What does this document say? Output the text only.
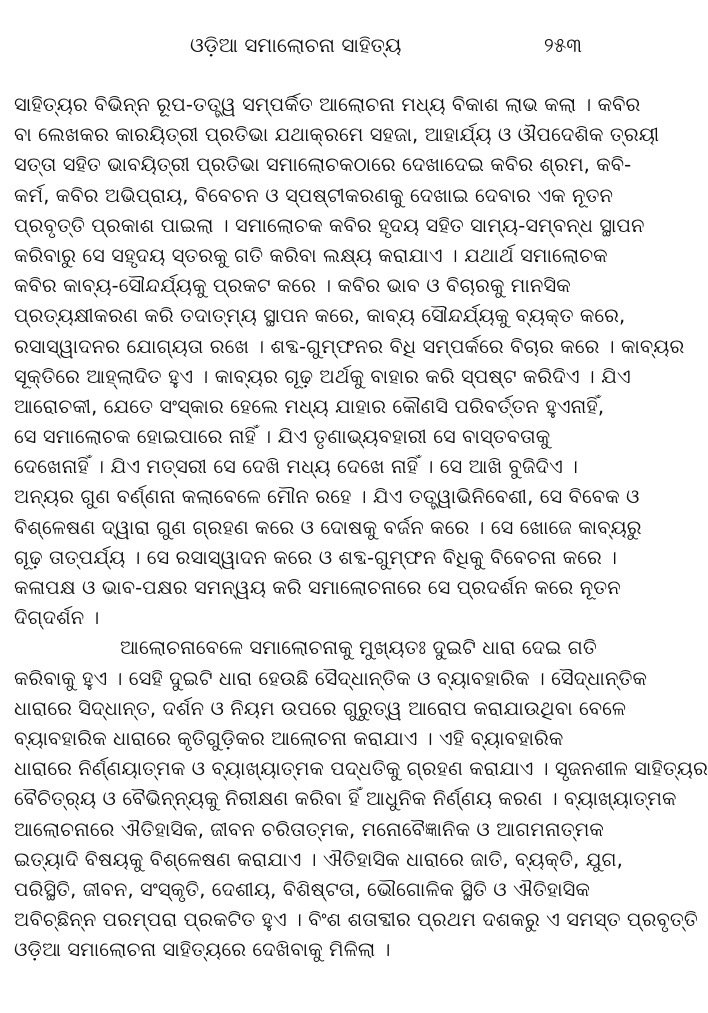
ଓଡ଼ିଆ ସମାଲୋଚନା ସାହିତ୍ୟ	୨୫୩
ସାହିତ୍ୟର ବିଭିନ୍ନ ରୂପ-ତତ୍ତ୍ୱ ସମ୍ପର୍କିତ ଆଲୋଚନା ମଧ୍ୟ ବିକାଶ ଲାଭ କଲା । କବିର
ବା ଲେଖକର କାରୟିତ୍ରୀ ପ୍ରତିଭା ଯଥାକ୍ରମେ ସହଜା, ଆହାର୍ଯ୍ୟ ଓ ଔପଦେଶିକ ତ୍ରୟୀ
ସତ୍ତା ସହିତ ଭାବୟିତ୍ରୀ ପ୍ରତିଭା ସମାଲୋଚକଠାରେ ଦେଖାଦେଇ କବିର ଶ୍ରମ, କବି-
କର୍ମ, କବିର ଅଭିପ୍ରାୟ, ବିବେଚନ ଓ ସ୍ପଷ୍ଟୀକରଣକୁ ଦେଖାଇ ଦେବାର ଏକ ନୂତନ
ପ୍ରବୃତ୍ତି ପ୍ରକାଶ ପାଇଲା । ସମାଲୋଚକ କବିର ହୃଦୟ ସହିତ ସାମ୍ୟ-ସମ୍ବନ୍ଧ ସ୍ଥାପନ
କରିବାରୁ ସେ ସହୃଦୟ ସ୍ତରକୁ ଗତି କରିବା ଲକ୍ଷ୍ୟ କରାଯାଏ । ଯଥାର୍ଥ ସମାଲୋଚକ
କବିର କାବ୍ୟ-ସୌନ୍ଦର୍ଯ୍ୟକୁ ପ୍ରକଟ କରେ । କବିର ଭାବ ଓ ବିଚାରକୁ ମାନସିକ
ପ୍ରତ୍ୟକ୍ଷୀକରଣ କରି ତଦାତ୍ମ୍ୟ ସ୍ଥାପନ କରେ, କାବ୍ୟ ସୌନ୍ଦର୍ଯ୍ୟକୁ ବ୍ୟକ୍ତ କରେ,
ରସାସ୍ୱାଦନର ଯୋଗ୍ୟତା ରଖେ । ଶବ୍ଦ-ଗୁମ୍ଫନର ବିଧି ସମ୍ପର୍କରେ ବିଚାର କରେ । କାବ୍ୟର
ସୂକ୍ତିରେ ଆହ୍ଲାଦିତ ହୁଏ । କାବ୍ୟର ଗୂଢ଼ ଅର୍ଥକୁ ବାହାର କରି ସ୍ପଷ୍ଟ କରିଦିଏ । ଯିଏ
ଆରୋଚକୀ, ଯେତେ ସଂସ୍କାର ହେଲେ ମଧ୍ୟ ଯାହାର କୌଣସି ପରିବର୍ତ୍ତନ ହୁଏନାହିଁ,
ସେ ସମାଲୋଚକ ହୋଇପାରେ ନାହିଁ । ଯିଏ ତୃଣାଭ୍ୟବହାରୀ ସେ ବାସ୍ତବତାକୁ
ଦେଖେନାହିଁ । ଯିଏ ମତ୍ସରୀ ସେ ଦେଖି ମଧ୍ୟ ଦେଖେ ନାହିଁ । ସେ ଆଖି ବୁଜିଦିଏ ।
ଅନ୍ୟର ଗୁଣ ବର୍ଣ୍ଣନା କଲାବେଳେ ମୌନ ରହେ । ଯିଏ ତତ୍ତ୍ୱାଭିନିବେଶୀ, ସେ ବିବେକ ଓ
ବିଶ୍ଳେଷଣ ଦ୍ୱାରା ଗୁଣ ଗ୍ରହଣ କରେ ଓ ଦୋଷକୁ ବର୍ଜନ କରେ । ସେ ଖୋଜେ କାବ୍ୟରୁ
ଗୂଢ଼ ତାତ୍ପର୍ଯ୍ୟ । ସେ ରସାସ୍ୱାଦନ କରେ ଓ ଶବ୍ଦ-ଗୁମ୍ଫନ ବିଧିକୁ ବିବେଚନା କରେ ।
କଳାପକ୍ଷ ଓ ଭାବ-ପକ୍ଷର ସମନ୍ୱୟ କରି ସମାଲୋଚନାରେ ସେ ପ୍ରଦର୍ଶନ କରେ ନୂତନ
ଦିଗ୍‌ଦର୍ଶନ ।
ଆଲୋଚନାବେଳେ ସମାଲୋଚନାକୁ ମୁଖ୍ୟତଃ ଦୁଇଟି ଧାରା ଦେଇ ଗତି
କରିବାକୁ ହୁଏ । ସେହି ଦୁଇଟି ଧାରା ହେଉଛି ସୈଦ୍ଧାନ୍ତିକ ଓ ବ୍ୟାବହାରିକ । ସୈଦ୍ଧାନ୍ତିକ
ଧାରାରେ ସିଦ୍ଧାନ୍ତ, ଦର୍ଶନ ଓ ନିୟମ ଉପରେ ଗୁରୁତ୍ୱ ଆରୋପ କରାଯାଉଥିବା ବେଳେ
ବ୍ୟାବହାରିକ ଧାରାରେ କୃତିଗୁଡ଼ିକର ଆଲୋଚନା କରାଯାଏ । ଏହି ବ୍ୟାବହାରିକ
ଧାରାରେ ନିର୍ଣ୍ଣୟାତ୍ମକ ଓ ବ୍ୟାଖ୍ୟାତ୍ମକ ପଦ୍ଧତିକୁ ଗ୍ରହଣ କରାଯାଏ । ସୃଜନଶୀଳ ସାହିତ୍ୟର
ବୈଚିତ୍ର୍ୟ ଓ ବୈଭିନ୍ନ୍ୟକୁ ନିରୀକ୍ଷଣ କରିବା ହିଁ ଆଧୁନିକ ନିର୍ଣ୍ଣୟ କରଣ । ବ୍ୟାଖ୍ୟାତ୍ମକ
ଆଲୋଚନାରେ ଐତିହାସିକ, ଜୀବନ ଚରିତାତ୍ମକ, ମନୋବୈଜ୍ଞାନିକ ଓ ଆଗମନାତ୍ମକ
ଇତ୍ୟାଦି ବିଷୟକୁ ବିଶ୍ଳେଷଣ କରାଯାଏ । ଐତିହାସିକ ଧାରାରେ ଜାତି, ବ୍ୟକ୍ତି, ଯୁଗ,
ପରିସ୍ଥିତି, ଜୀବନ, ସଂସ୍କୃତି, ଦେଶୀୟ, ବିଶିଷ୍ଟତା, ଭୌଗୋଳିକ ସ୍ଥିତି ଓ ଐତିହାସିକ
ଅବିଚ୍ଛିନ୍ନ ପରମ୍ପରା ପ୍ରକଟିତ ହୁଏ । ବିଂଶ ଶତାବ୍ଦୀର ପ୍ରଥମ ଦଶକରୁ ଏ ସମସ୍ତ ପ୍ରବୃତ୍ତି
ଓଡ଼ିଆ ସମାଲୋଚନା ସାହିତ୍ୟରେ ଦେଖିବାକୁ ମିଳିଲା ।
